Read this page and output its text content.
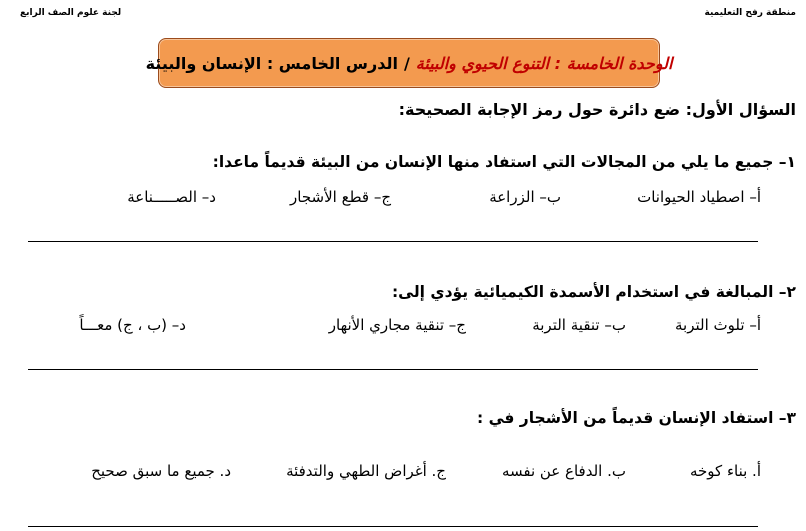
منطقة رفح التعليمية
لجنة علوم الصف الرابع
الوحدة الخامسة : التنوع الحيوي والبيئة
/
الدرس الخامس : الإنسان والبيئة
السؤال الأول: ضع دائرة حول رمز الإجابة الصحيحة:
١– جميع ما يلي من المجالات التي استفاد منها الإنسان من البيئة قديماً ماعدا:
أ– اصطياد الحيوانات
ب– الزراعة
ج– قطع الأشجار
د– الصـــــناعة
٢– المبالغة في استخدام الأسمدة الكيميائية يؤدي إلى:
أ– تلوث التربة
ب– تنقية التربة
ج– تنقية مجاري الأنهار
د– (ب ، ج) معـــاً
٣– استفاد الإنسان قديماً من الأشجار في :
أ. بناء كوخه
ب. الدفاع عن نفسه
ج. أغراض الطهي والتدفئة
د. جميع ما سبق صحيح
